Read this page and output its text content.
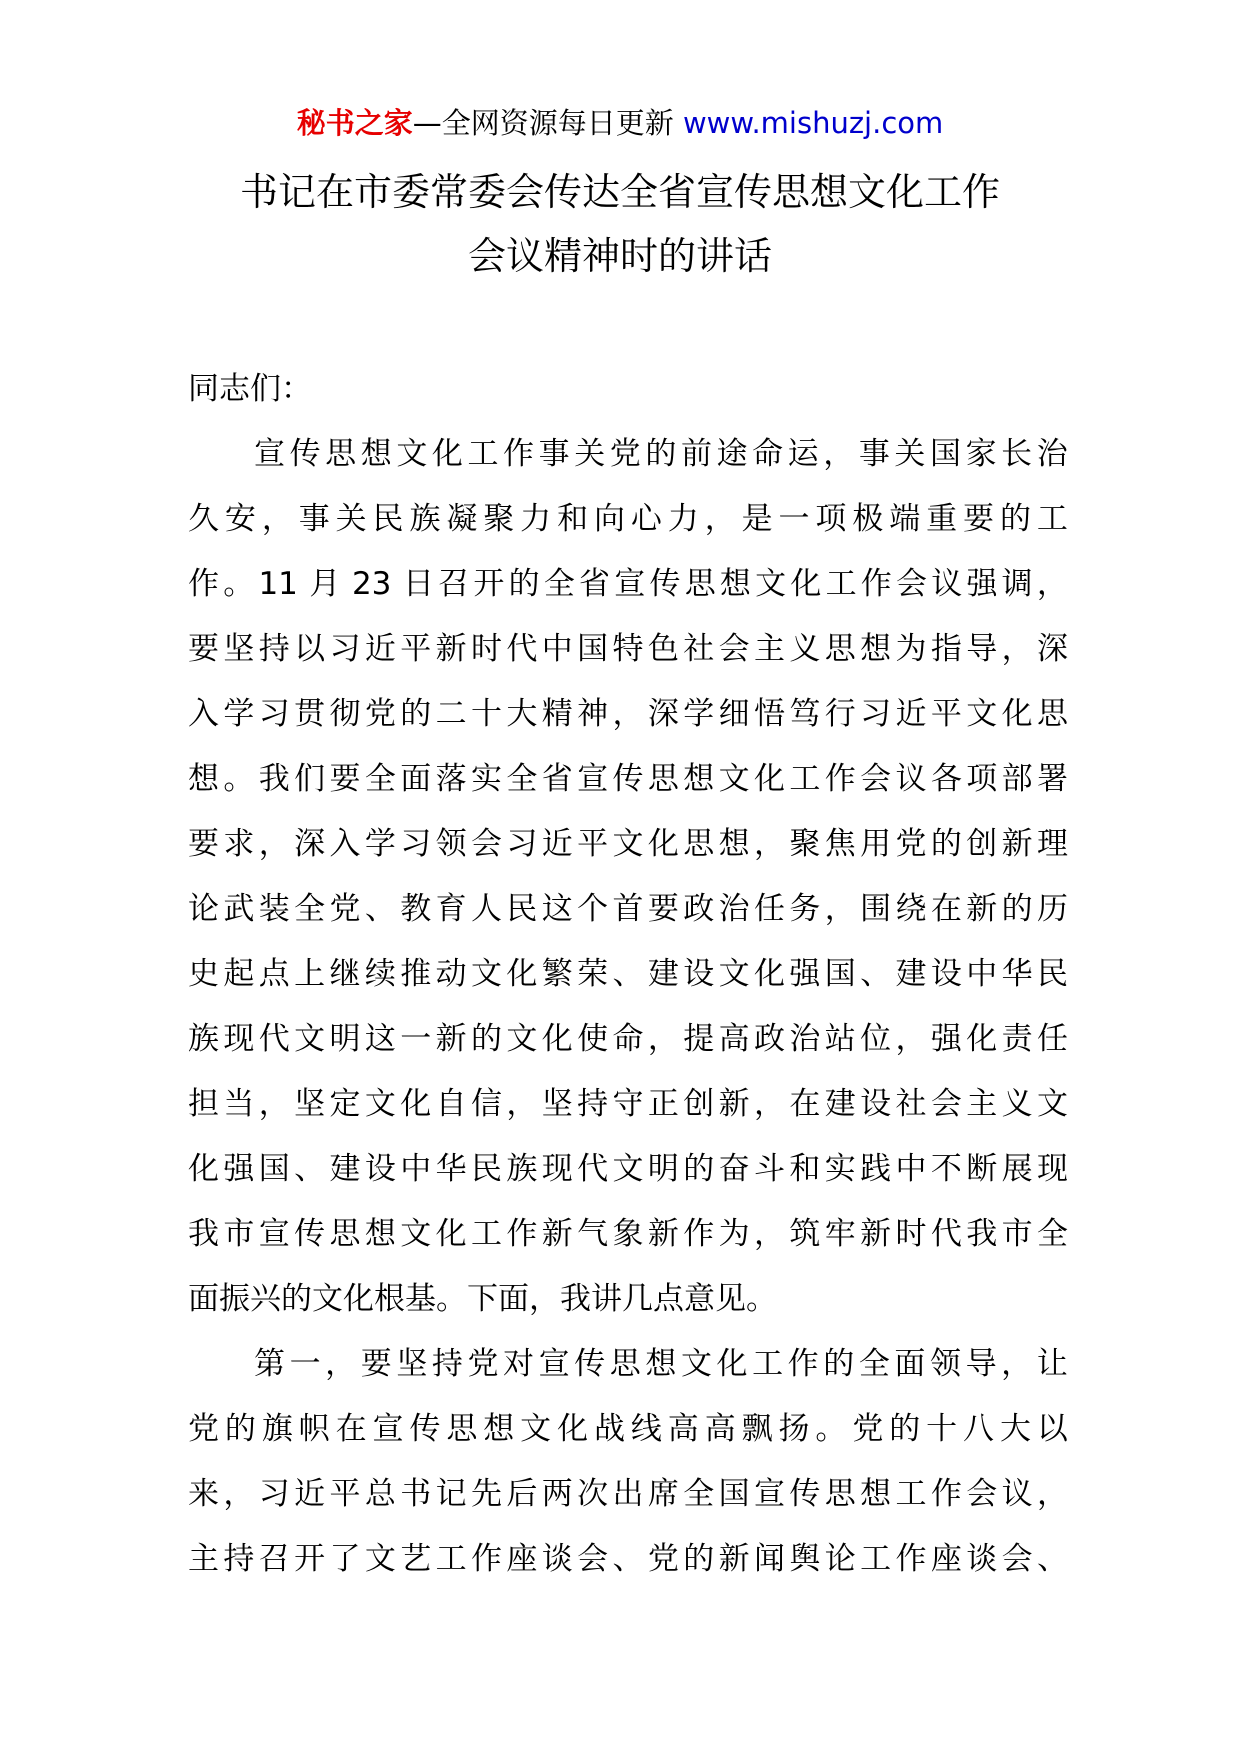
秘书之家—全网资源每日更新 www.mishuzj.com
书记在市委常委会传达全省宣传思想文化工作
会议精神时的讲话
同志们：
宣 传 思 想 文 化 工 作 事 关 党 的 前 途 命 运 ， 事 关 国 家 长 治
久 安 ， 事 关 民 族 凝 聚 力 和 向 心 力 ， 是 一 项 极 端 重 要 的 工
作 。 11
月
23
日 召 开 的 全 省 宣 传 思 想 文 化 工 作 会 议 强 调 ，
要 坚 持 以 习 近 平 新 时 代 中 国 特 色 社 会 主 义 思 想 为 指 导 ， 深
入 学 习 贯 彻 党 的 二 十 大 精 神 ， 深 学 细 悟 笃 行 习 近 平 文 化 思
想 。 我 们 要 全 面 落 实 全 省 宣 传 思 想 文 化 工 作 会 议 各 项 部 署
要 求 ， 深 入 学 习 领 会 习 近 平 文 化 思 想 ， 聚 焦 用 党 的 创 新 理
论 武 装 全 党 、 教 育 人 民 这 个 首 要 政 治 任 务 ， 围 绕 在 新 的 历
史 起 点 上 继 续 推 动 文 化 繁 荣 、 建 设 文 化 强 国 、 建 设 中 华 民
族 现 代 文 明 这 一 新 的 文 化 使 命 ， 提 高 政 治 站 位 ， 强 化 责 任
担 当 ， 坚 定 文 化 自 信 ， 坚 持 守 正 创 新 ， 在 建 设 社 会 主 义 文
化 强 国 、 建 设 中 华 民 族 现 代 文 明 的 奋 斗 和 实 践 中 不 断 展 现
我 市 宣 传 思 想 文 化 工 作 新 气 象 新 作 为 ， 筑 牢 新 时 代 我 市 全
面振兴的文化根基。下面，我讲几点意见。
第 一 ， 要 坚 持 党 对 宣 传 思 想 文 化 工 作 的 全 面 领 导 ， 让
党 的 旗 帜 在 宣 传 思 想 文 化 战 线 高 高 飘 扬 。 党 的 十 八 大 以
来 ， 习 近 平 总 书 记 先 后 两 次 出 席 全 国 宣 传 思 想 工 作 会 议 ，
主 持 召 开 了 文 艺 工 作 座 谈 会 、 党 的 新 闻 舆 论 工 作 座 谈 会 、
